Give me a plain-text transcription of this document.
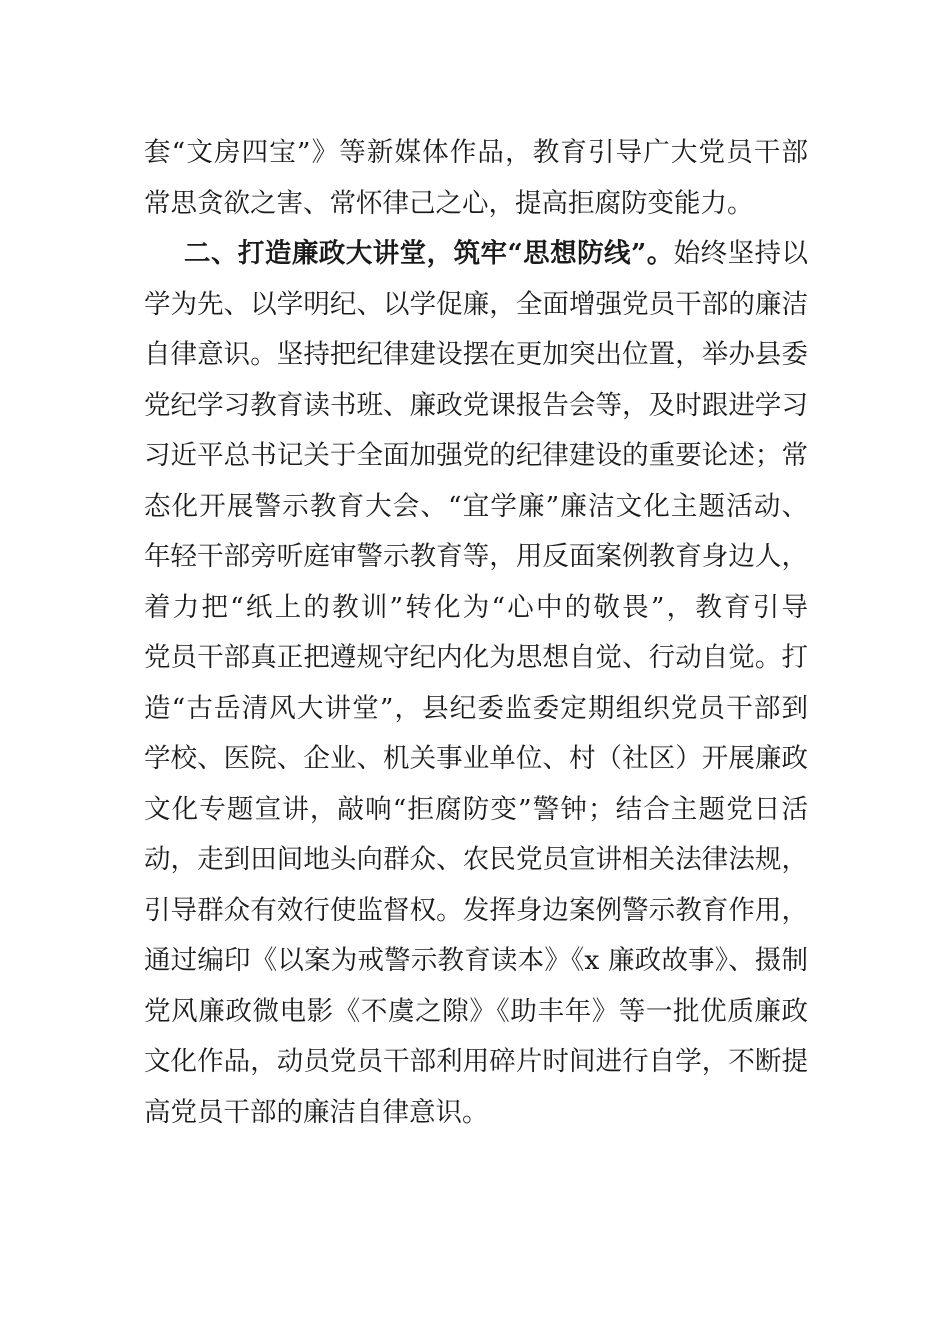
套“文房四宝”》等新媒体作品，教育引导广大党员干部
常思贪欲之害、常怀律己之心，提高拒腐防变能力。
二、打造廉政大讲堂，筑牢“思想防线”。始终坚持以
学为先、以学明纪、以学促廉，全面增强党员干部的廉洁
自律意识。坚持把纪律建设摆在更加突出位置，举办县委
党纪学习教育读书班、廉政党课报告会等，及时跟进学习
习近平总书记关于全面加强党的纪律建设的重要论述；常
态化开展警示教育大会、“宜学廉”廉洁文化主题活动、
年轻干部旁听庭审警示教育等，用反面案例教育身边人，
着力把“纸上的教训”转化为“心中的敬畏”，教育引导
党员干部真正把遵规守纪内化为思想自觉、行动自觉。打
造“古岳清风大讲堂”，县纪委监委定期组织党员干部到
学校、医院、企业、机关事业单位、村（社区）开展廉政
文化专题宣讲，敲响“拒腐防变”警钟；结合主题党日活
动，走到田间地头向群众、农民党员宣讲相关法律法规，
引导群众有效行使监督权。发挥身边案例警示教育作用，
通过编印《以案为戒警示教育读本》《x 廉政故事》、摄制
党风廉政微电影《不虞之隙》《助丰年》等一批优质廉政
文化作品，动员党员干部利用碎片时间进行自学，不断提
高党员干部的廉洁自律意识。
